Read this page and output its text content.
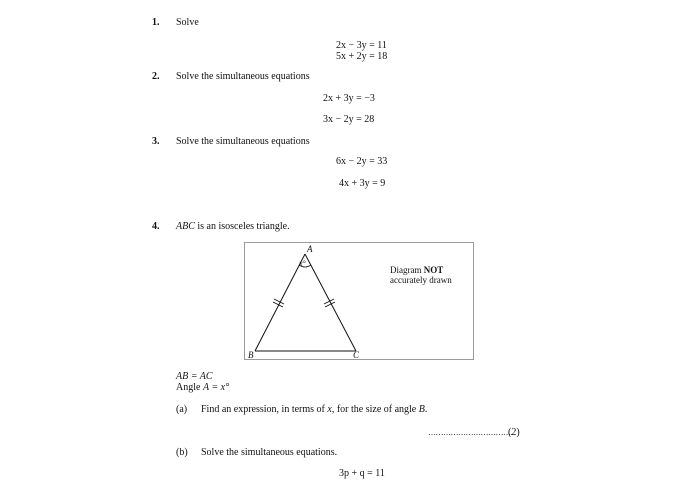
1. Solve
2x − 3y = 11
5x + 2y = 18
2. Solve the simultaneous equations
2x + 3y = −3
3x − 2y = 28
3. Solve the simultaneous equations
6x − 2y = 33
4x + 3y = 9
4. ABC is an isosceles triangle.
A
x°
B	C
Diagram NOT
accurately drawn
AB = AC
Angle A = x°
(a) Find an expression, in terms of x, for the size of angle B.
…………………………….
(2)
(b) Solve the simultaneous equations.
3p + q = 11
